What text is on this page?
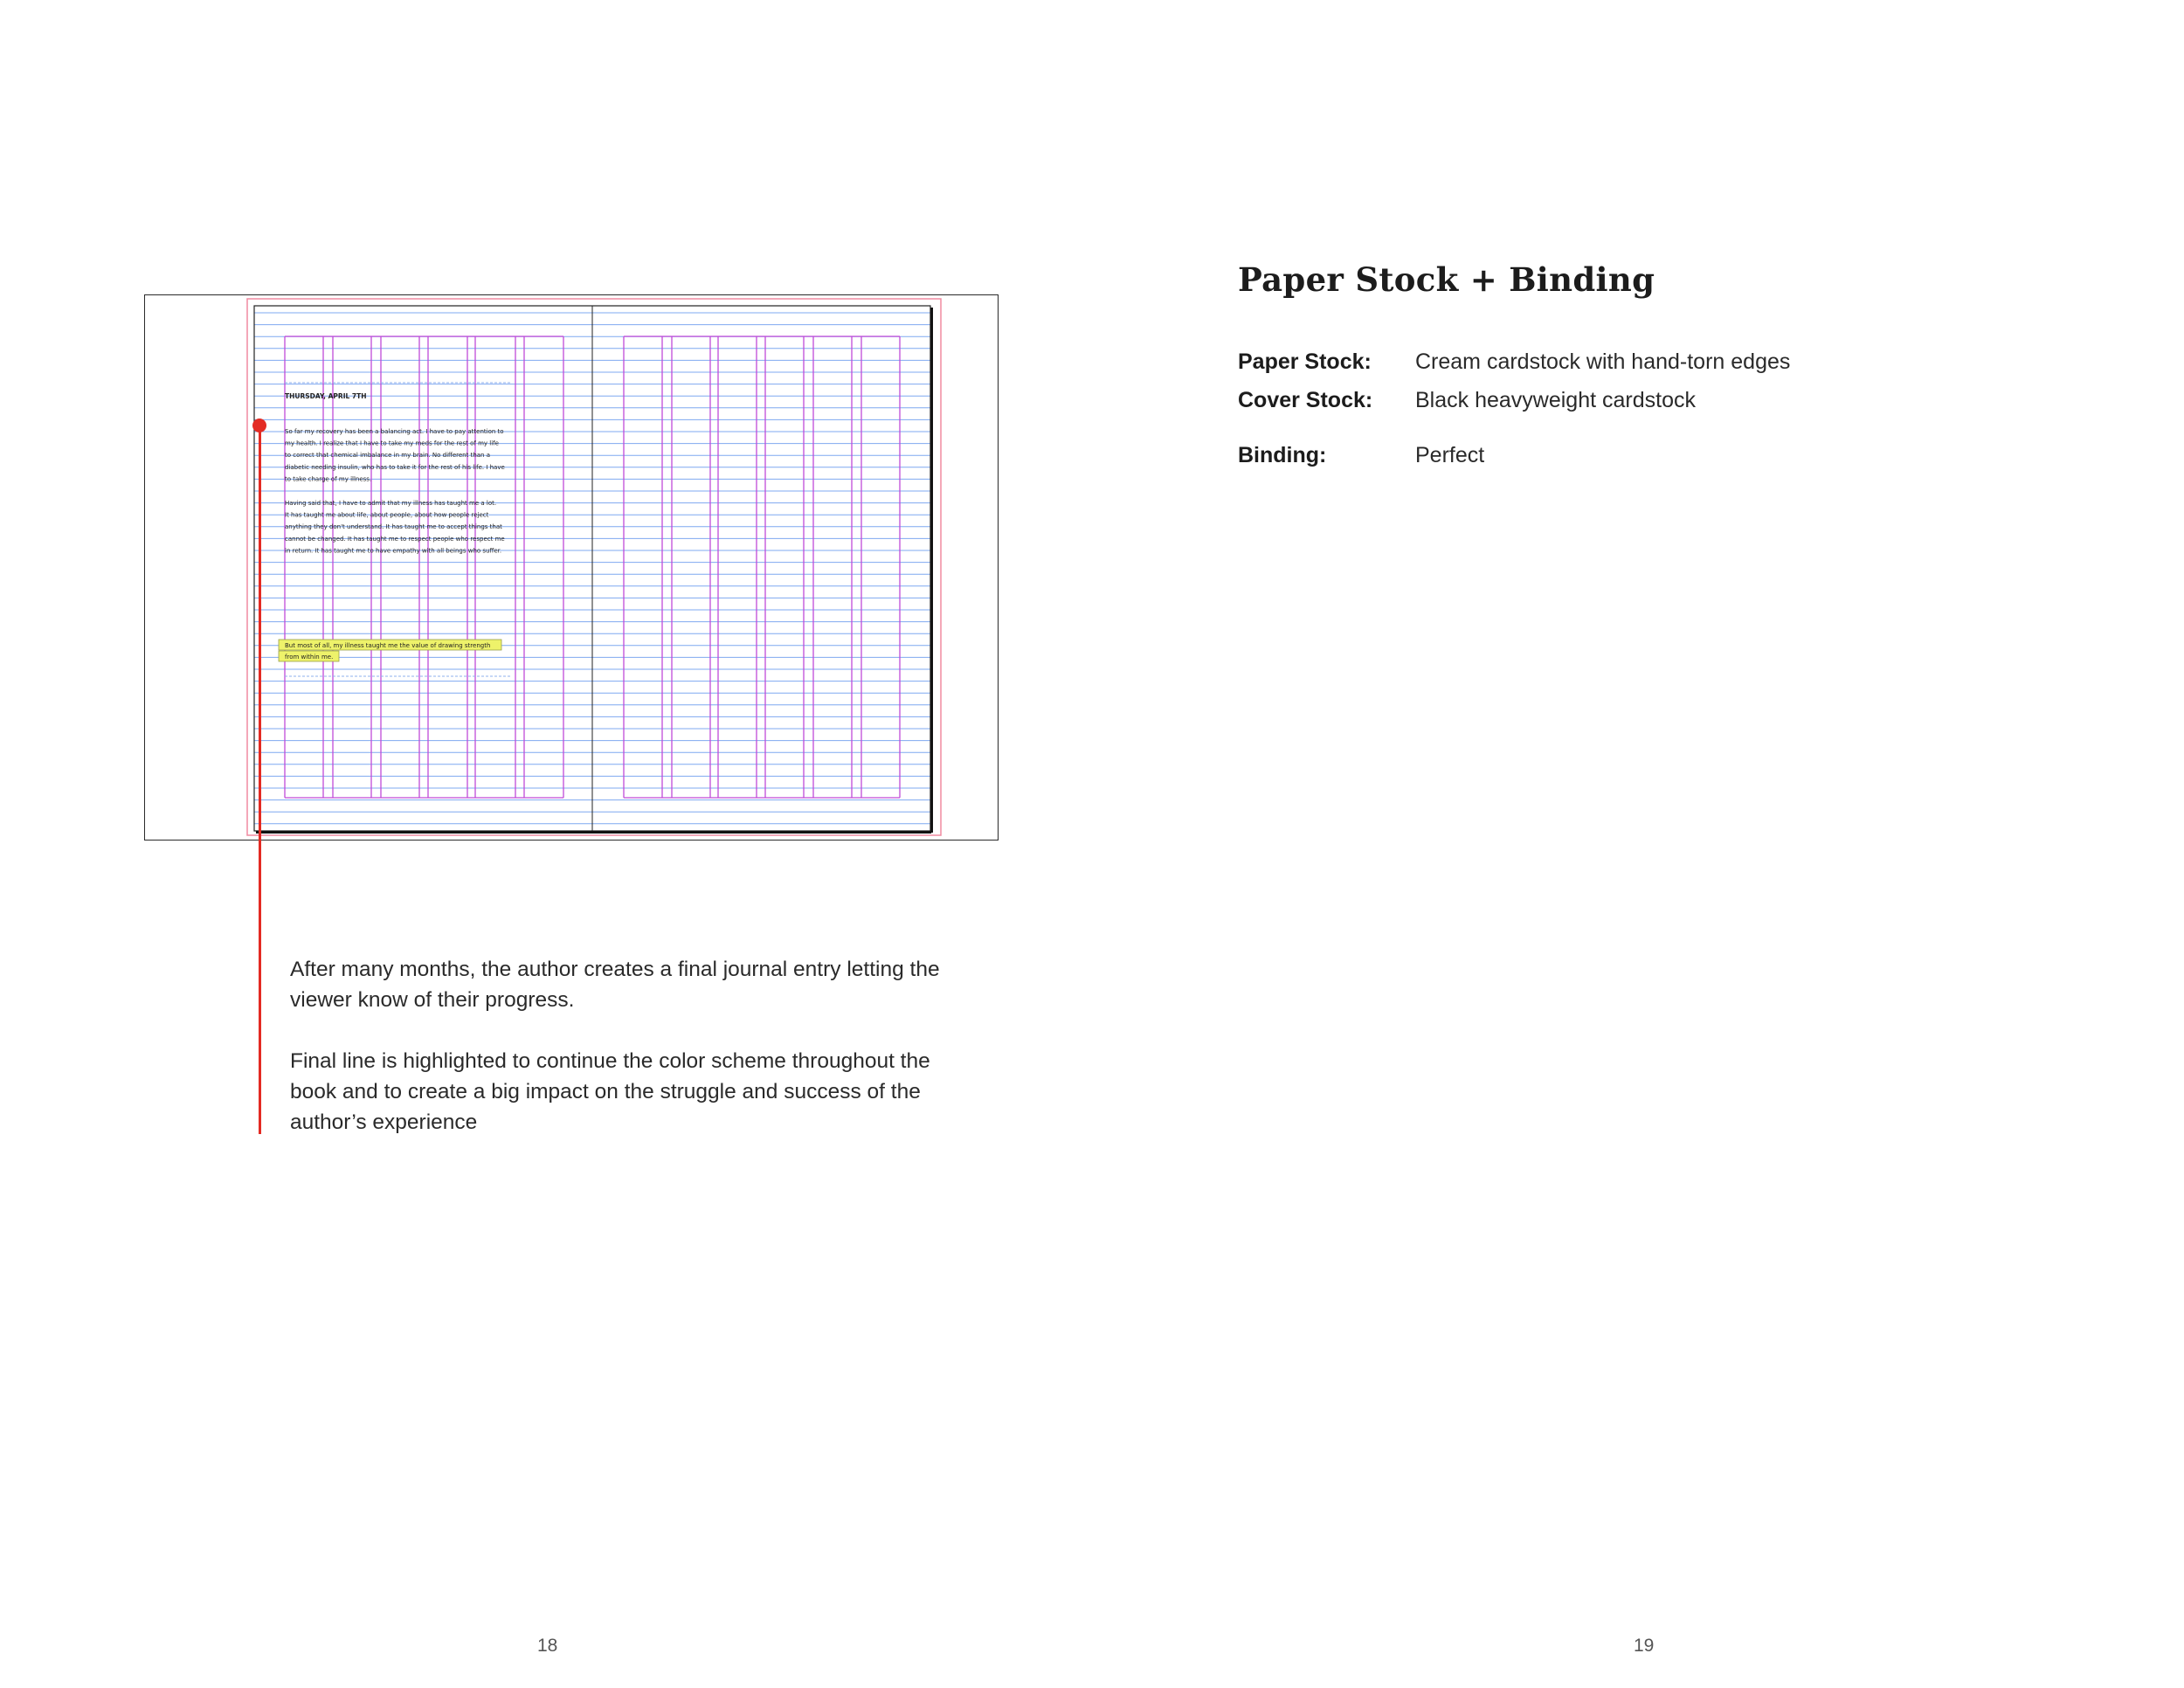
THURSDAY, APRIL 7TH
So far my recovery has been a balancing act. I have to pay attention to
my health. I realize that I have to take my meds for the rest of my life
to correct that chemical imbalance in my brain. No different than a
diabetic needing insulin, who has to take it for the rest of his life. I have
to take charge of my illness.
Having said that, I have to admit that my illness has taught me a lot.
It has taught me about life, about people, about how people reject
anything they don't understand. It has taught me to accept things that
cannot be changed. It has taught me to respect people who respect me
in return. It has taught me to have empathy with all beings who suffer.
But most of all, my illness taught me the value of drawing strength
from within me.
After many months, the author creates a final journal entry letting the viewer know of their progress.
Final line is highlighted to continue the color scheme throughout the book and to create a big impact on the struggle and success of the author’s experience
18
Paper Stock + Binding
Paper Stock: Cream cardstock with hand-torn edges
Cover Stock: Black heavyweight cardstock
Binding:	Perfect
19
